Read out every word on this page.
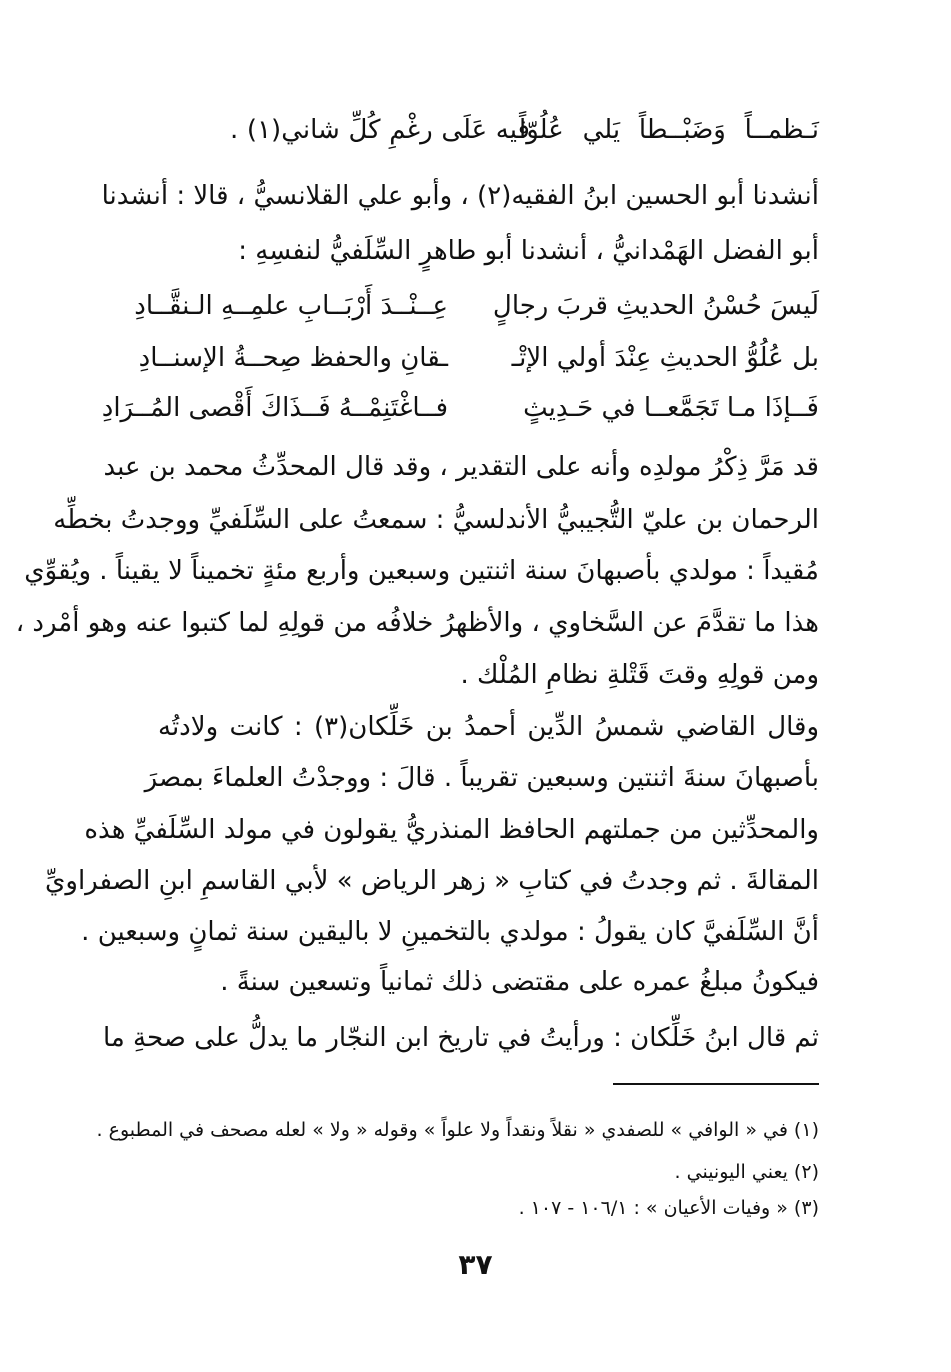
نَـظمــاً وَضَبْــطاً يَلي عُلُوّاً
فيه عَلَى رغْمِ كُلِّ شاني(١) .
أنشدنا أبو الحسين ابنُ الفقيه(٢) ، وأبو علي القلانسيُّ ، قالا : أنشدنا
أبو الفضل الهَمْدانيُّ ، أنشدنا أبو طاهرٍ السِّلَفيُّ لنفسِهِ :
لَيسَ حُسْنُ الحديثِ قربَ رجالٍ
عِــنْــدَ أَرْبَــابِ علمِــهِ الـنقَّــادِ
بل عُلُوُّ الحديثِ عِنْدَ أولي الإتْـ
ـقانِ والحفظ صِحــةُ الإسنــادِ
فَــإذَا مـا تَجَمَّعــا في حَـدِيثٍ
فــاغْتَنِمْــهُ فَــذَاكَ أَقْصى المُــرَادِ
قد مَرَّ ذِكْرُ مولدِه وأنه على التقدير ، وقد قال المحدِّثُ محمد بن عبد
الرحمان بن عليّ التُّجيبيُّ الأندلسيُّ : سمعتُ على السِّلَفيِّ ووجدتُ بخطِّه
مُقيداً : مولدي بأصبهانَ سنة اثنتين وسبعين وأربع مئةٍ تخميناً لا يقيناً . ويُقوِّي
هذا ما تقدَّمَ عن السَّخاوي ، والأظهرُ خلافُه من قولِهِ لما كتبوا عنه وهو أمْرد ،
ومن قولِهِ وقتَ قَتْلةِ نظامِ المُلْك .
وقال القاضي شمسُ الدِّين أحمدُ بن خَلِّكان(٣) : كانت ولادتُه
بأصبهانَ سنةَ اثنتين وسبعين تقريباً . قالَ : ووجدْتُ العلماءَ بمصرَ
والمحدِّثين من جملتهم الحافظ المنذريُّ يقولون في مولد السِّلَفيِّ هذه
المقالةَ . ثم وجدتُ في كتابِ « زهر الرياض » لأبي القاسمِ ابنِ الصفراويِّ
أنَّ السِّلَفيَّ كان يقولُ : مولدي بالتخمينِ لا باليقين سنة ثمانٍ وسبعين .
فيكونُ مبلغُ عمره على مقتضى ذلك ثمانياً وتسعين سنةً .
ثم قال ابنُ خَلِّكان : ورأيتُ في تاريخ ابن النجّار ما يدلُّ على صحةِ ما
(١) في « الوافي » للصفدي « نقلاً ونقداً ولا علواً » وقوله « ولا » لعله مصحف في المطبوع .
(٢) يعني اليونيني .
(٣) « وفيات الأعيان » : ١٠٦/١ - ١٠٧ .
٣٧
